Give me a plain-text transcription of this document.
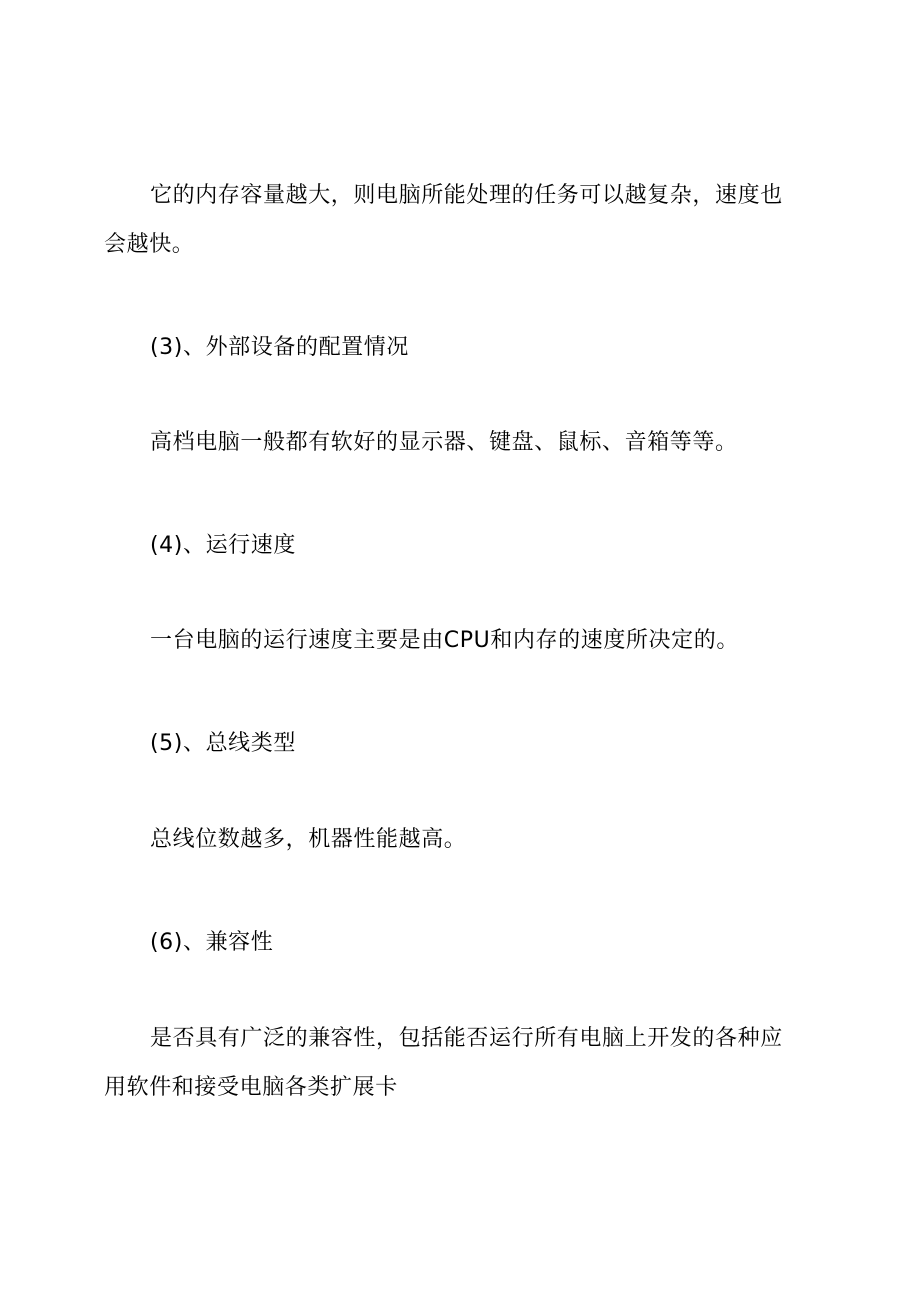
它的内存容量越大，则电脑所能处理的任务可以越复杂，速度也会越快。

(3)、外部设备的配置情况

高档电脑一般都有软好的显示器、键盘、鼠标、音箱等等。

(4)、运行速度

一台电脑的运行速度主要是由CPU和内存的速度所决定的。

(5)、总线类型

总线位数越多，机器性能越高。

(6)、兼容性

是否具有广泛的兼容性，包括能否运行所有电脑上开发的各种应用软件和接受电脑各类扩展卡
